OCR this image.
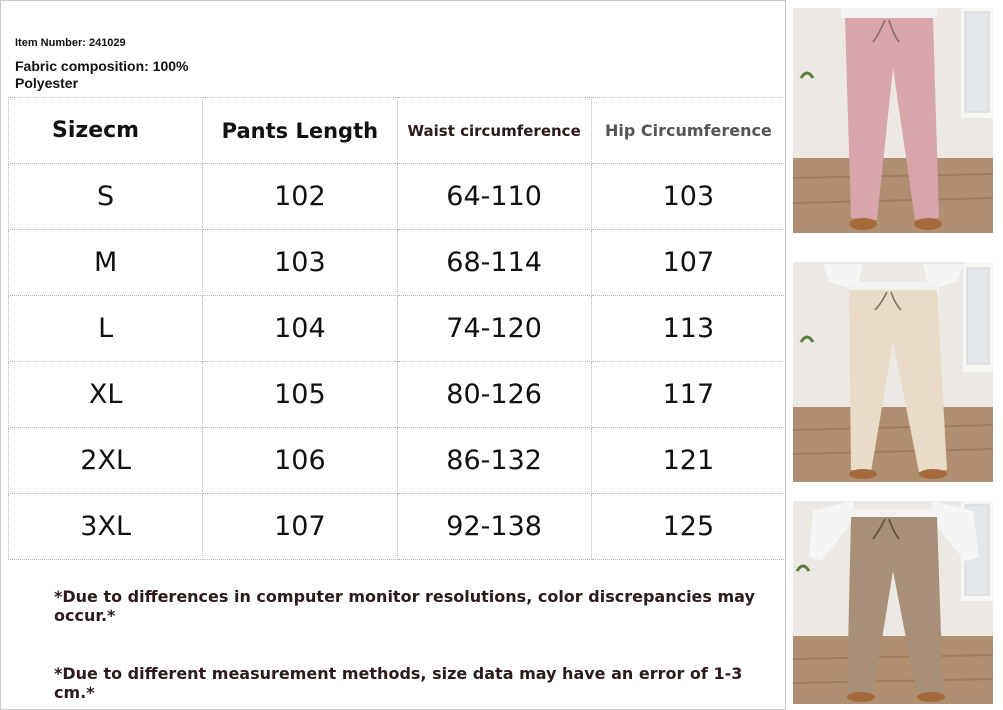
Item Number: 241029
Fabric composition: 100% Polyester
Sizecm	Pants Length	Waist circumference	Hip Circumference
S	102	64-110	103
M	103	68-114	107
L	104	74-120	113
XL	105	80-126	117
2XL	106	86-132	121
3XL	107	92-138	125
*Due to differences in computer monitor resolutions, color discrepancies may occur.*
*Due to different measurement methods, size data may have an error of 1-3 cm.*
